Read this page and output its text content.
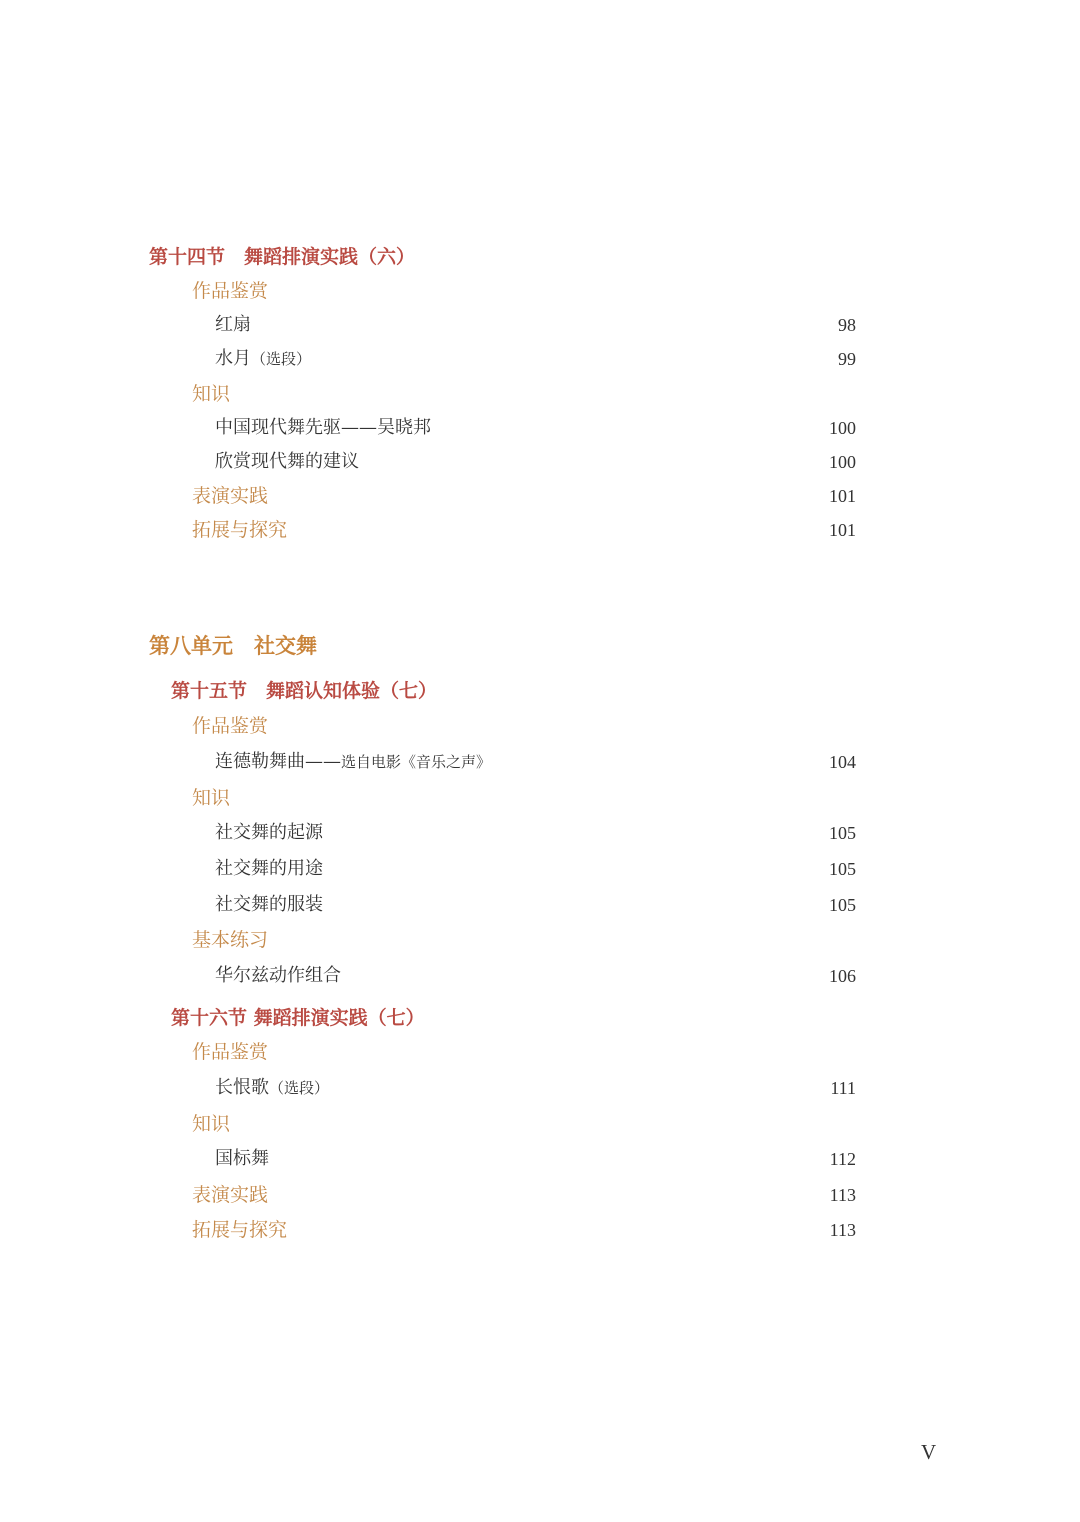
第十四节　舞蹈排演实践（六）
作品鉴赏
红扇	98
水月（选段）	99
知识
中国现代舞先驱——吴晓邦	100
欣赏现代舞的建议	100
表演实践	101
拓展与探究	101
第八单元　社交舞
第十五节　舞蹈认知体验（七）
作品鉴赏
连德勒舞曲——选自电影《音乐之声》	104
知识
社交舞的起源	105
社交舞的用途	105
社交舞的服装	105
基本练习
华尔兹动作组合	106
第十六节 舞蹈排演实践（七）
作品鉴赏
长恨歌（选段）	111
知识
国标舞	112
表演实践	113
拓展与探究	113
V
